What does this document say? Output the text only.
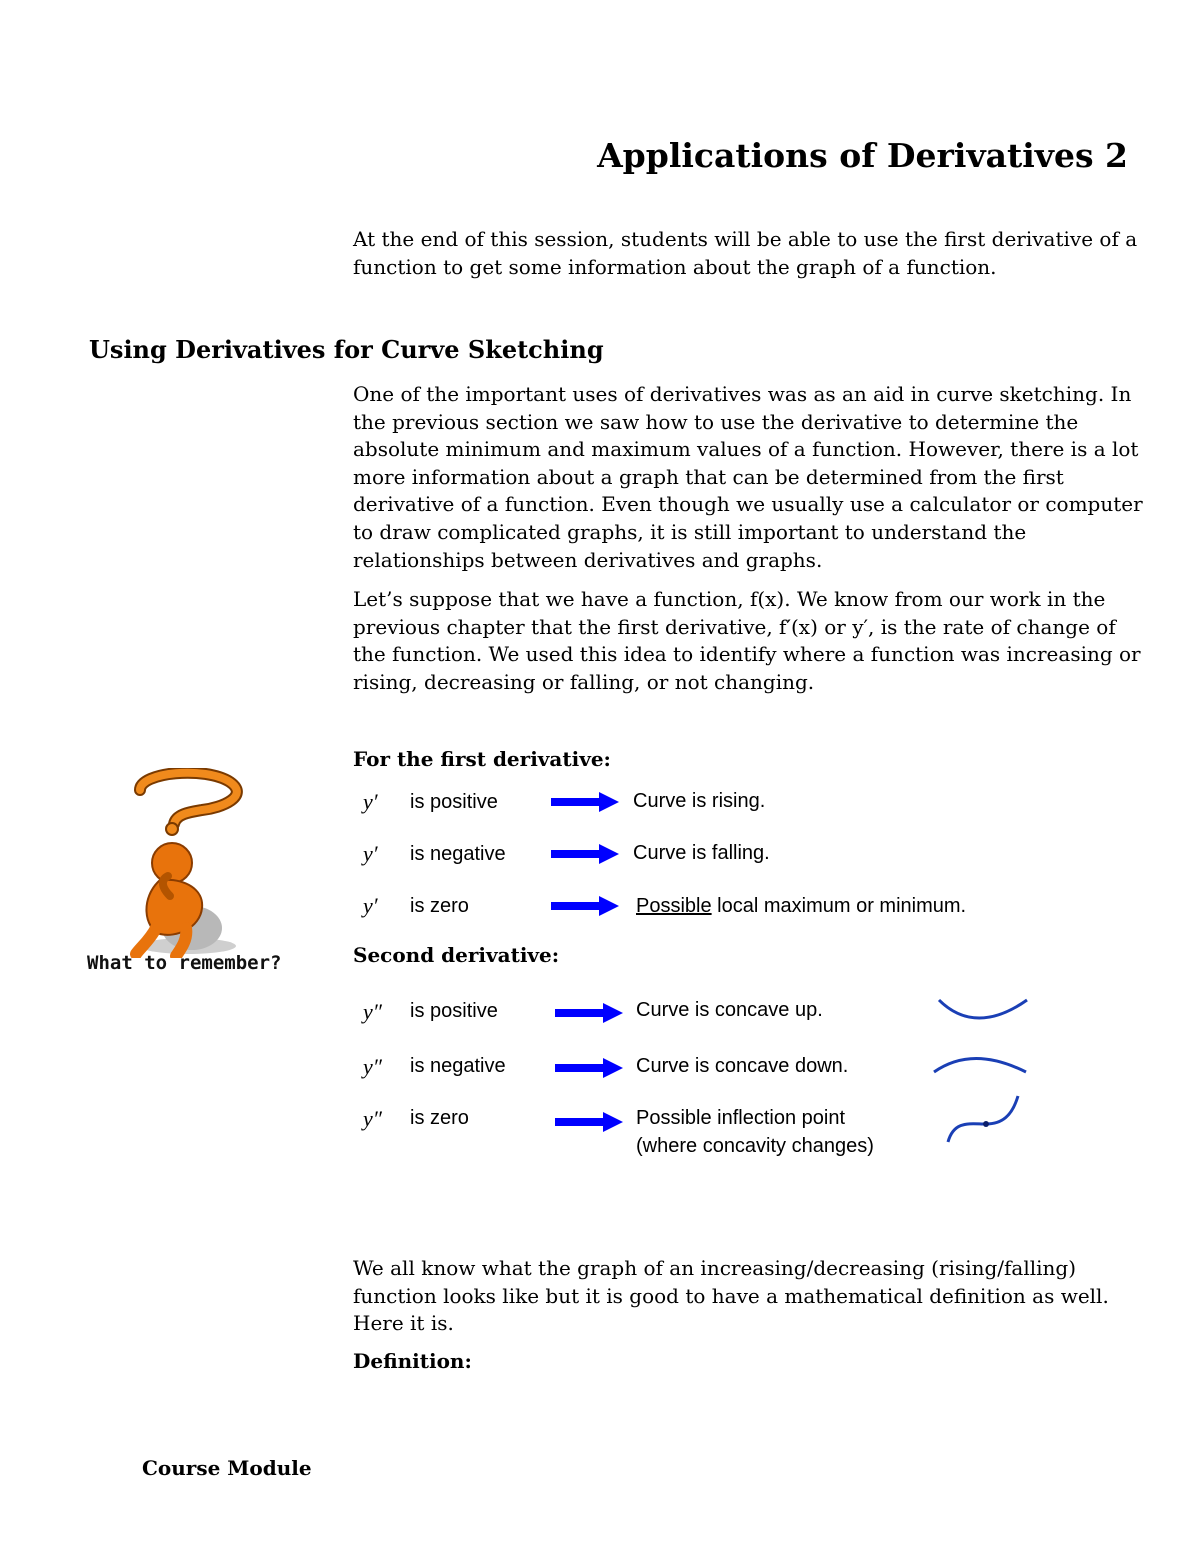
Applications of Derivatives 2
At the end of this session, students will be able to use the first derivative of a function to get some information about the graph of a function.
Using Derivatives for Curve Sketching
One of the important uses of derivatives was as an aid in curve sketching. In the previous section we saw how to use the derivative to determine the absolute minimum and maximum values of a function. However, there is a lot more information about a graph that can be determined from the first derivative of a function. Even though we usually use a calculator or computer to draw complicated graphs, it is still important to understand the relationships between derivatives and graphs.
Let’s suppose that we have a function, f(x). We know from our work in the previous chapter that the first derivative, f′(x) or y′, is the rate of change of the function. We used this idea to identify where a function was increasing or rising, decreasing or falling, or not changing.
What to remember?
For the first derivative:
y′ is positive	Curve is rising.
y′ is negative	Curve is falling.
y′ is zero	Possible local maximum or minimum.
Second derivative:
y″ is positive	Curve is concave up.
y″ is negative	Curve is concave down.
y″ is zero	Possible inflection point
(where concavity changes)
We all know what the graph of an increasing/decreasing (rising/falling) function looks like but it is good to have a mathematical definition as well. Here it is.
Definition:
Course Module
